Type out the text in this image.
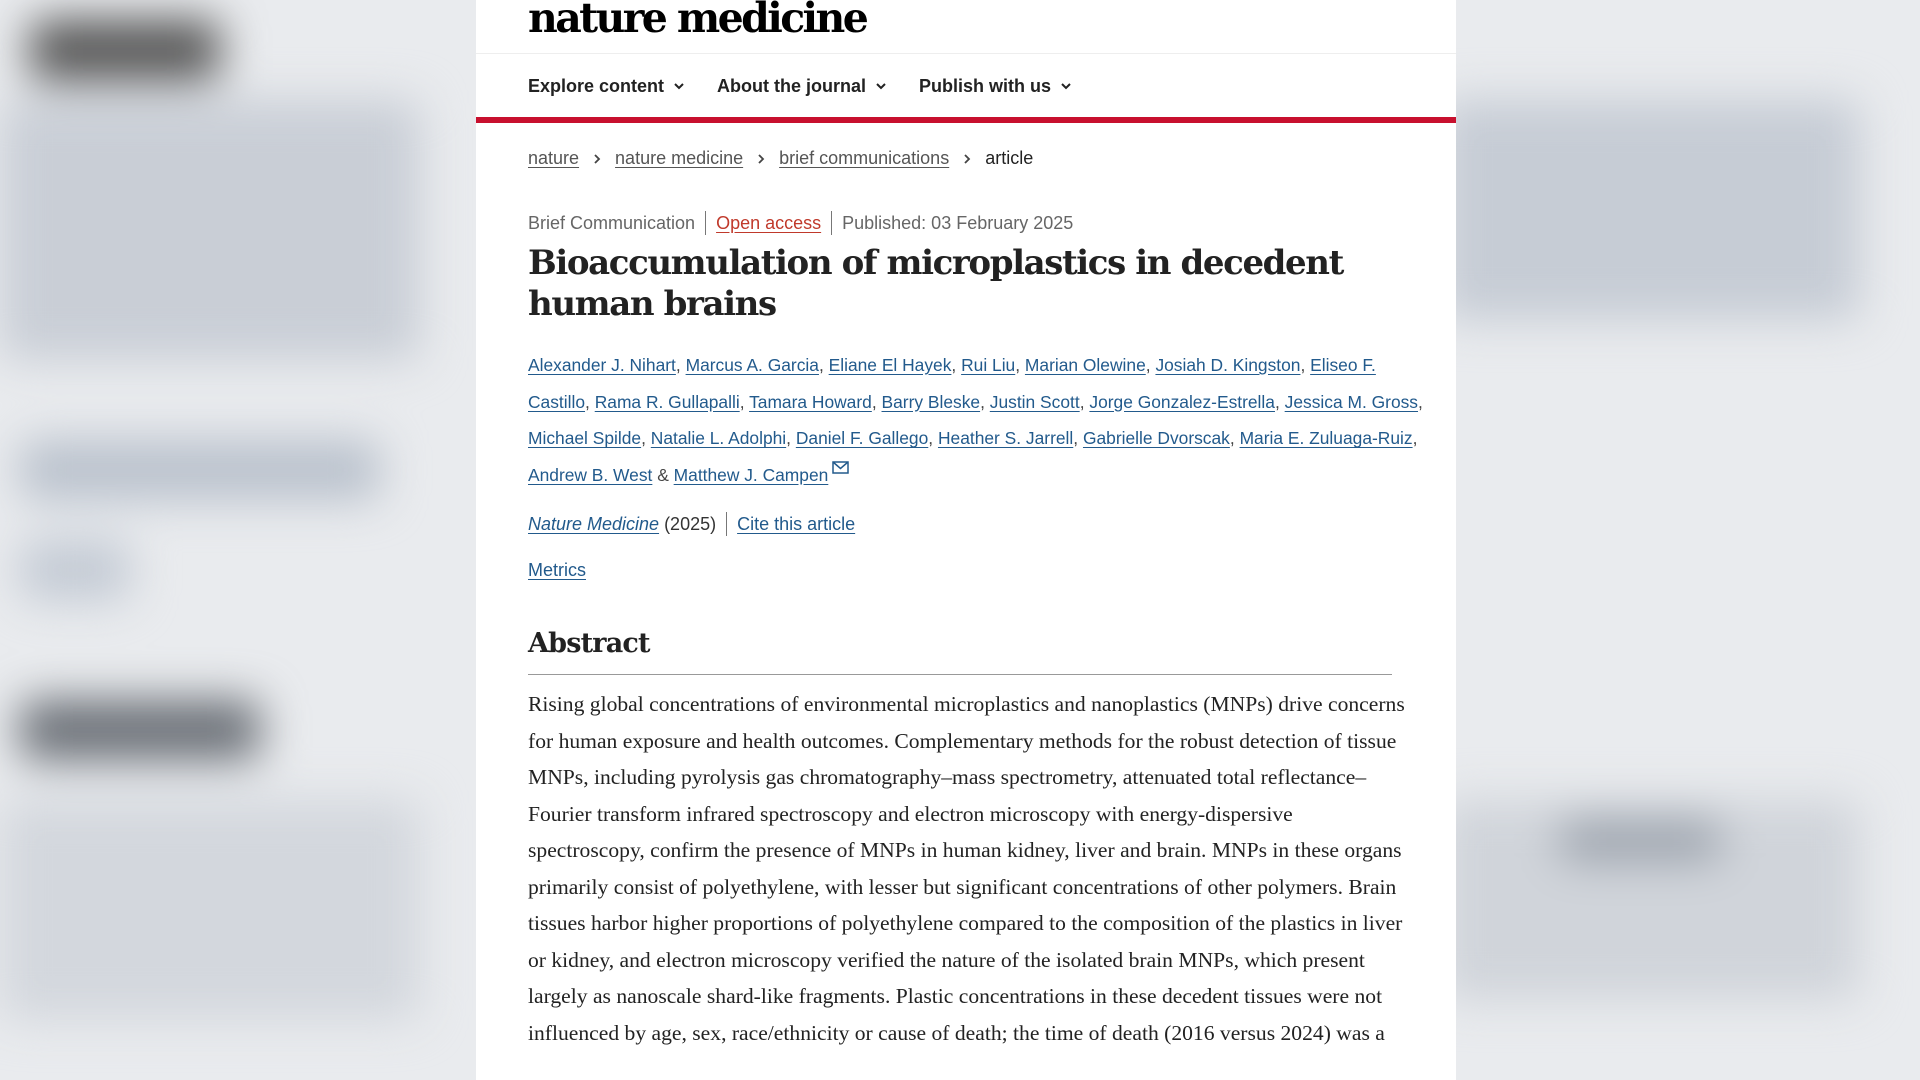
nature medicine
Explore content	About the journal	Publish with us
nature nature medicine brief communications article
Brief Communication Open access Published: 03 February 2025
Bioaccumulation of microplastics in decedent human brains
Alexander J. Nihart, Marcus A. Garcia, Eliane El Hayek, Rui Liu, Marian Olewine, Josiah D. Kingston, Eliseo F. Castillo, Rama R. Gullapalli, Tamara Howard, Barry Bleske, Justin Scott, Jorge Gonzalez-Estrella, Jessica M. Gross, Michael Spilde, Natalie L. Adolphi, Daniel F. Gallego, Heather S. Jarrell, Gabrielle Dvorscak, Maria E. Zuluaga-Ruiz, Andrew B. West & Matthew J. Campen
Nature Medicine (2025) Cite this article
Metrics
Abstract

Rising global concentrations of environmental microplastics and nanoplastics (MNPs) drive concerns for human exposure and health outcomes. Complementary methods for the robust detection of tissue MNPs, including pyrolysis gas chromatography–mass spectrometry, attenuated total reflectance–Fourier transform infrared spectroscopy and electron microscopy with energy-dispersive spectroscopy, confirm the presence of MNPs in human kidney, liver and brain. MNPs in these organs primarily consist of polyethylene, with lesser but significant concentrations of other polymers. Brain tissues harbor higher proportions of polyethylene compared to the composition of the plastics in liver or kidney, and electron microscopy verified the nature of the isolated brain MNPs, which present largely as nanoscale shard-like fragments. Plastic concentrations in these decedent tissues were not influenced by age, sex, race/ethnicity or cause of death; the time of death (2016 versus 2024) was a
